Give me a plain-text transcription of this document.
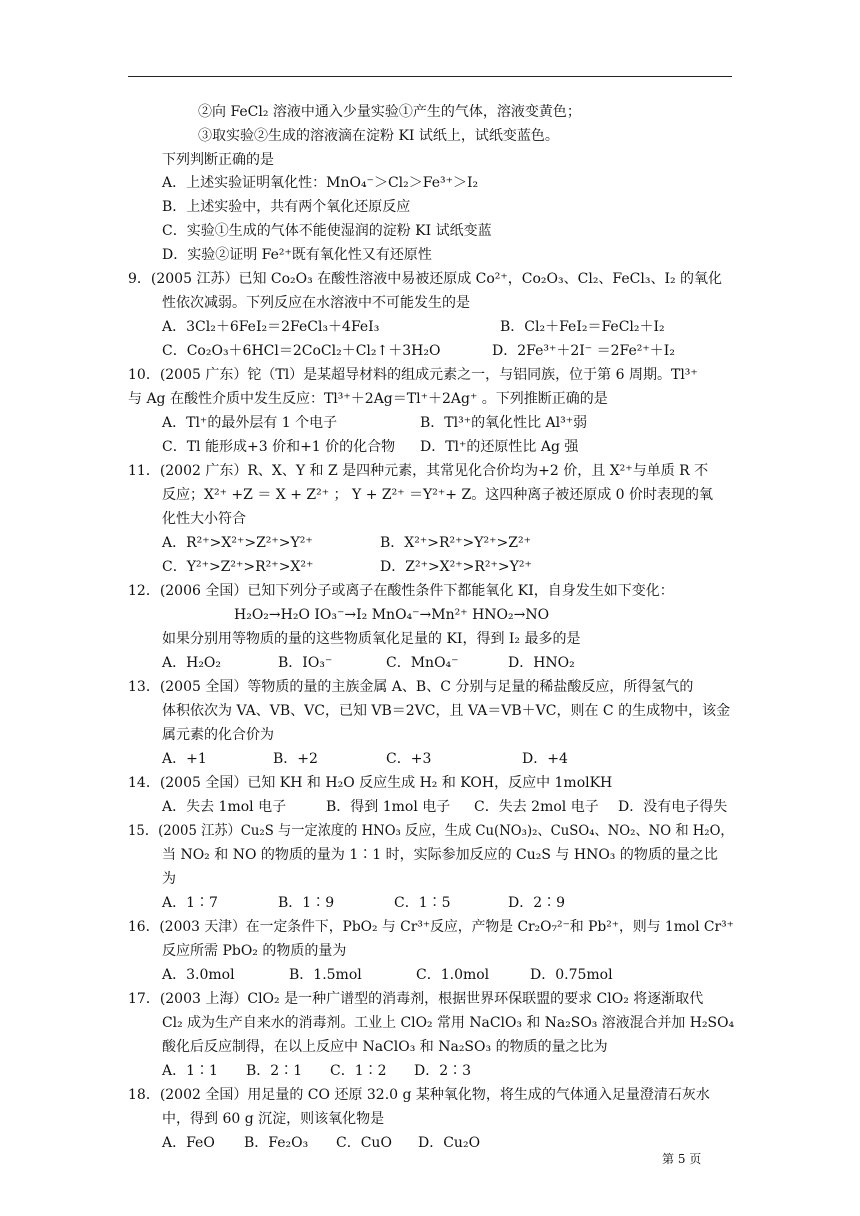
②向 FeCl₂ 溶液中通入少量实验①产生的气体，溶液变黄色；
③取实验②生成的溶液滴在淀粉 KI 试纸上，试纸变蓝色。
下列判断正确的是
A．上述实验证明氧化性：MnO₄⁻＞Cl₂＞Fe³⁺＞I₂
B．上述实验中，共有两个氧化还原反应
C．实验①生成的气体不能使湿润的淀粉 KI 试纸变蓝
D．实验②证明 Fe²⁺既有氧化性又有还原性
9．(2005 江苏）已知 Co₂O₃ 在酸性溶液中易被还原成 Co²⁺，Co₂O₃、Cl₂、FeCl₃、I₂ 的氧化
性依次减弱。下列反应在水溶液中不可能发生的是
A．3Cl₂＋6FeI₂＝2FeCl₃＋4FeI₃	B．Cl₂＋FeI₂＝FeCl₂＋I₂
C．Co₂O₃＋6HCl＝2CoCl₂＋Cl₂↑＋3H₂O	D．2Fe³⁺＋2I⁻ ＝2Fe²⁺＋I₂
10．(2005 广东）铊（Tl）是某超导材料的组成元素之一，与铝同族，位于第 6 周期。Tl³⁺
与 Ag 在酸性介质中发生反应：Tl³⁺＋2Ag＝Tl⁺＋2Ag⁺ 。下列推断正确的是
A．Tl⁺的最外层有 1 个电子	B．Tl³⁺的氧化性比 Al³⁺弱
C．Tl 能形成+3 价和+1 价的化合物 D．Tl⁺的还原性比 Ag 强
11．(2002 广东）R、X、Y 和 Z 是四种元素，其常见化合价均为+2 价，且 X²⁺与单质 R 不
反应；X²⁺ +Z ＝ X + Z²⁺ ； Y + Z²⁺ ＝Y²⁺+ Z。这四种离子被还原成 0 价时表现的氧
化性大小符合
A．R²⁺>X²⁺>Z²⁺>Y²⁺	B．X²⁺>R²⁺>Y²⁺>Z²⁺
C．Y²⁺>Z²⁺>R²⁺>X²⁺	D．Z²⁺>X²⁺>R²⁺>Y²⁺
12．(2006 全国）已知下列分子或离子在酸性条件下都能氧化 KI，自身发生如下变化：
H₂O₂→H₂O IO₃⁻→I₂ MnO₄⁻→Mn²⁺ HNO₂→NO
如果分别用等物质的量的这些物质氧化足量的 KI，得到 I₂ 最多的是
A．H₂O₂	B．IO₃⁻	C．MnO₄⁻	D．HNO₂
13．(2005 全国）等物质的量的主族金属 A、B、C 分别与足量的稀盐酸反应，所得氢气的
体积依次为 VA、VB、VC，已知 VB＝2VC，且 VA＝VB＋VC，则在 C 的生成物中，该金
属元素的化合价为
A．+1	B．+2	C．+3	D．+4
14．(2005 全国）已知 KH 和 H₂O 反应生成 H₂ 和 KOH，反应中 1molKH
A．失去 1mol 电子	B．得到 1mol 电子 C．失去 2mol 电子 D．没有电子得失
15．(2005 江苏）Cu₂S 与一定浓度的 HNO₃ 反应，生成 Cu(NO₃)₂、CuSO₄、NO₂、NO 和 H₂O，
当 NO₂ 和 NO 的物质的量为 1∶1 时，实际参加反应的 Cu₂S 与 HNO₃ 的物质的量之比
为
A．1∶7	B．1∶9	C．1∶5	D．2∶9
16．(2003 天津）在一定条件下，PbO₂ 与 Cr³⁺反应，产物是 Cr₂O₇²⁻和 Pb²⁺，则与 1mol Cr³⁺
反应所需 PbO₂ 的物质的量为
A．3.0mol	B．1.5mol	C．1.0mol	D．0.75mol
17．(2003 上海）ClO₂ 是一种广谱型的消毒剂，根据世界环保联盟的要求 ClO₂ 将逐渐取代
Cl₂ 成为生产自来水的消毒剂。工业上 ClO₂ 常用 NaClO₃ 和 Na₂SO₃ 溶液混合并加 H₂SO₄
酸化后反应制得，在以上反应中 NaClO₃ 和 Na₂SO₃ 的物质的量之比为
A．1∶1 B．2∶1 C．1∶2 D．2∶3
18．(2002 全国）用足量的 CO 还原 32.0 g 某种氧化物，将生成的气体通入足量澄清石灰水
中，得到 60 g 沉淀，则该氧化物是
A．FeO B．Fe₂O₃ C．CuO D．Cu₂O
第 5 页
